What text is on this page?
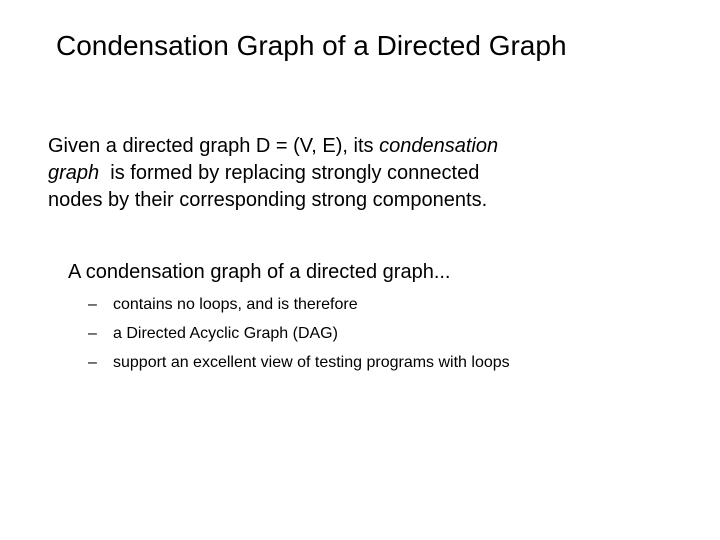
Condensation Graph of a Directed Graph
Given a directed graph D = (V, E), its condensation
graph  is formed by replacing strongly connected
nodes by their corresponding strong components.
A condensation graph of a directed graph...
– contains no loops, and is therefore
– a Directed Acyclic Graph (DAG)
– support an excellent view of testing programs with loops
